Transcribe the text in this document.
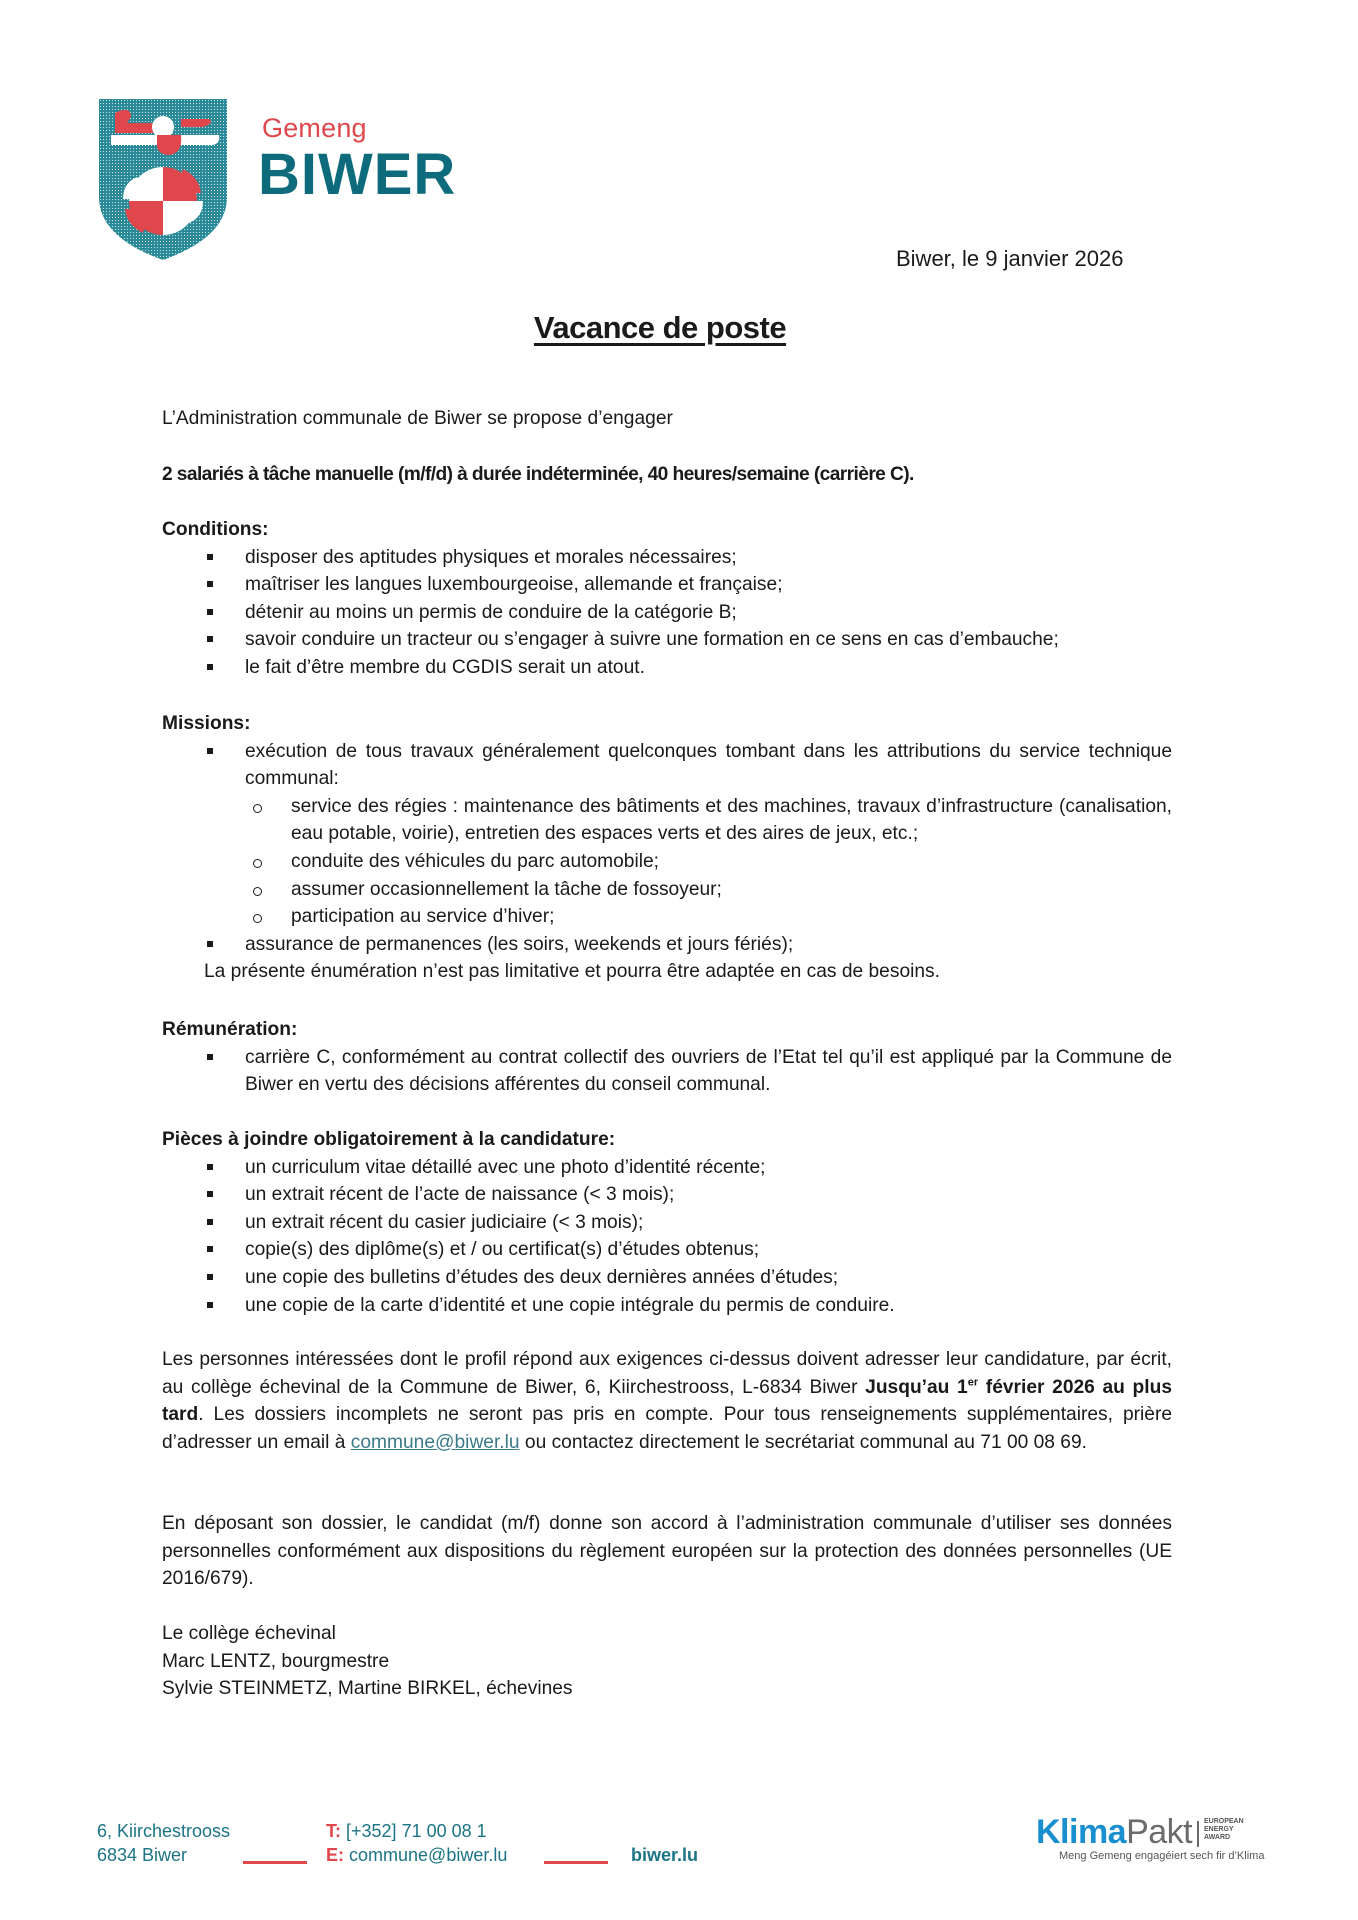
Gemeng
BIWER
Biwer, le 9 janvier 2026
Vacance de poste

L’Administration communale de Biwer se propose d’engager

2 salariés à tâche manuelle (m/f/d) à durée indéterminée, 40 heures/semaine (carrière C).

Conditions:

disposer des aptitudes physiques et morales nécessaires;
maîtriser les langues luxembourgeoise, allemande et française;
détenir au moins un permis de conduire de la catégorie B;
savoir conduire un tracteur ou s’engager à suivre une formation en ce sens en cas d’embauche;
le fait d’être membre du CGDIS serait un atout.

Missions:

exécution de tous travaux généralement quelconques tombant dans les attributions du service technique communal:
service des régies : maintenance des bâtiments et des machines, travaux d’infrastructure (canalisation, eau potable, voirie), entretien des espaces verts et des aires de jeux, etc.;
conduite des véhicules du parc automobile;
assumer occasionnellement la tâche de fossoyeur;
participation au service d’hiver;
assurance de permanences (les soirs, weekends et jours fériés);

La présente énumération n’est pas limitative et pourra être adaptée en cas de besoins.

Rémunération:

carrière C, conformément au contrat collectif des ouvriers de l’Etat tel qu’il est appliqué par la Commune de Biwer en vertu des décisions afférentes du conseil communal.

Pièces à joindre obligatoirement à la candidature:

un curriculum vitae détaillé avec une photo d’identité récente;
un extrait récent de l’acte de naissance (< 3 mois);
un extrait récent du casier judiciaire (< 3 mois);
copie(s) des diplôme(s) et / ou certificat(s) d’études obtenus;
une copie des bulletins d’études des deux dernières années d’études;
une copie de la carte d’identité et une copie intégrale du permis de conduire.

Les personnes intéressées dont le profil répond aux exigences ci-dessus doivent adresser leur candidature, par écrit, au collège échevinal de la Commune de Biwer, 6, Kiirchestrooss, L-6834 Biwer Jusqu’au 1er février 2026 au plus tard. Les dossiers incomplets ne seront pas pris en compte. Pour tous renseignements supplémentaires, prière d’adresser un email à commune@biwer.lu ou contactez directement le secrétariat communal au 71 00 08 69.

En déposant son dossier, le candidat (m/f) donne son accord à l’administration communale d’utiliser ses données personnelles conformément aux dispositions du règlement européen sur la protection des données personnelles (UE 2016/679).

Le collège échevinal

Marc LENTZ, bourgmestre

Sylvie STEINMETZ, Martine BIRKEL, échevines

6, Kiirchestrooss
6834 Biwer
T: [+352] 71 00 08 1
E: commune@biwer.lu	biwer.lu
KlimaPakt EUROPEAN
ENERGY
AWARD
Meng Gemeng engagéiert sech fir d’Klima
